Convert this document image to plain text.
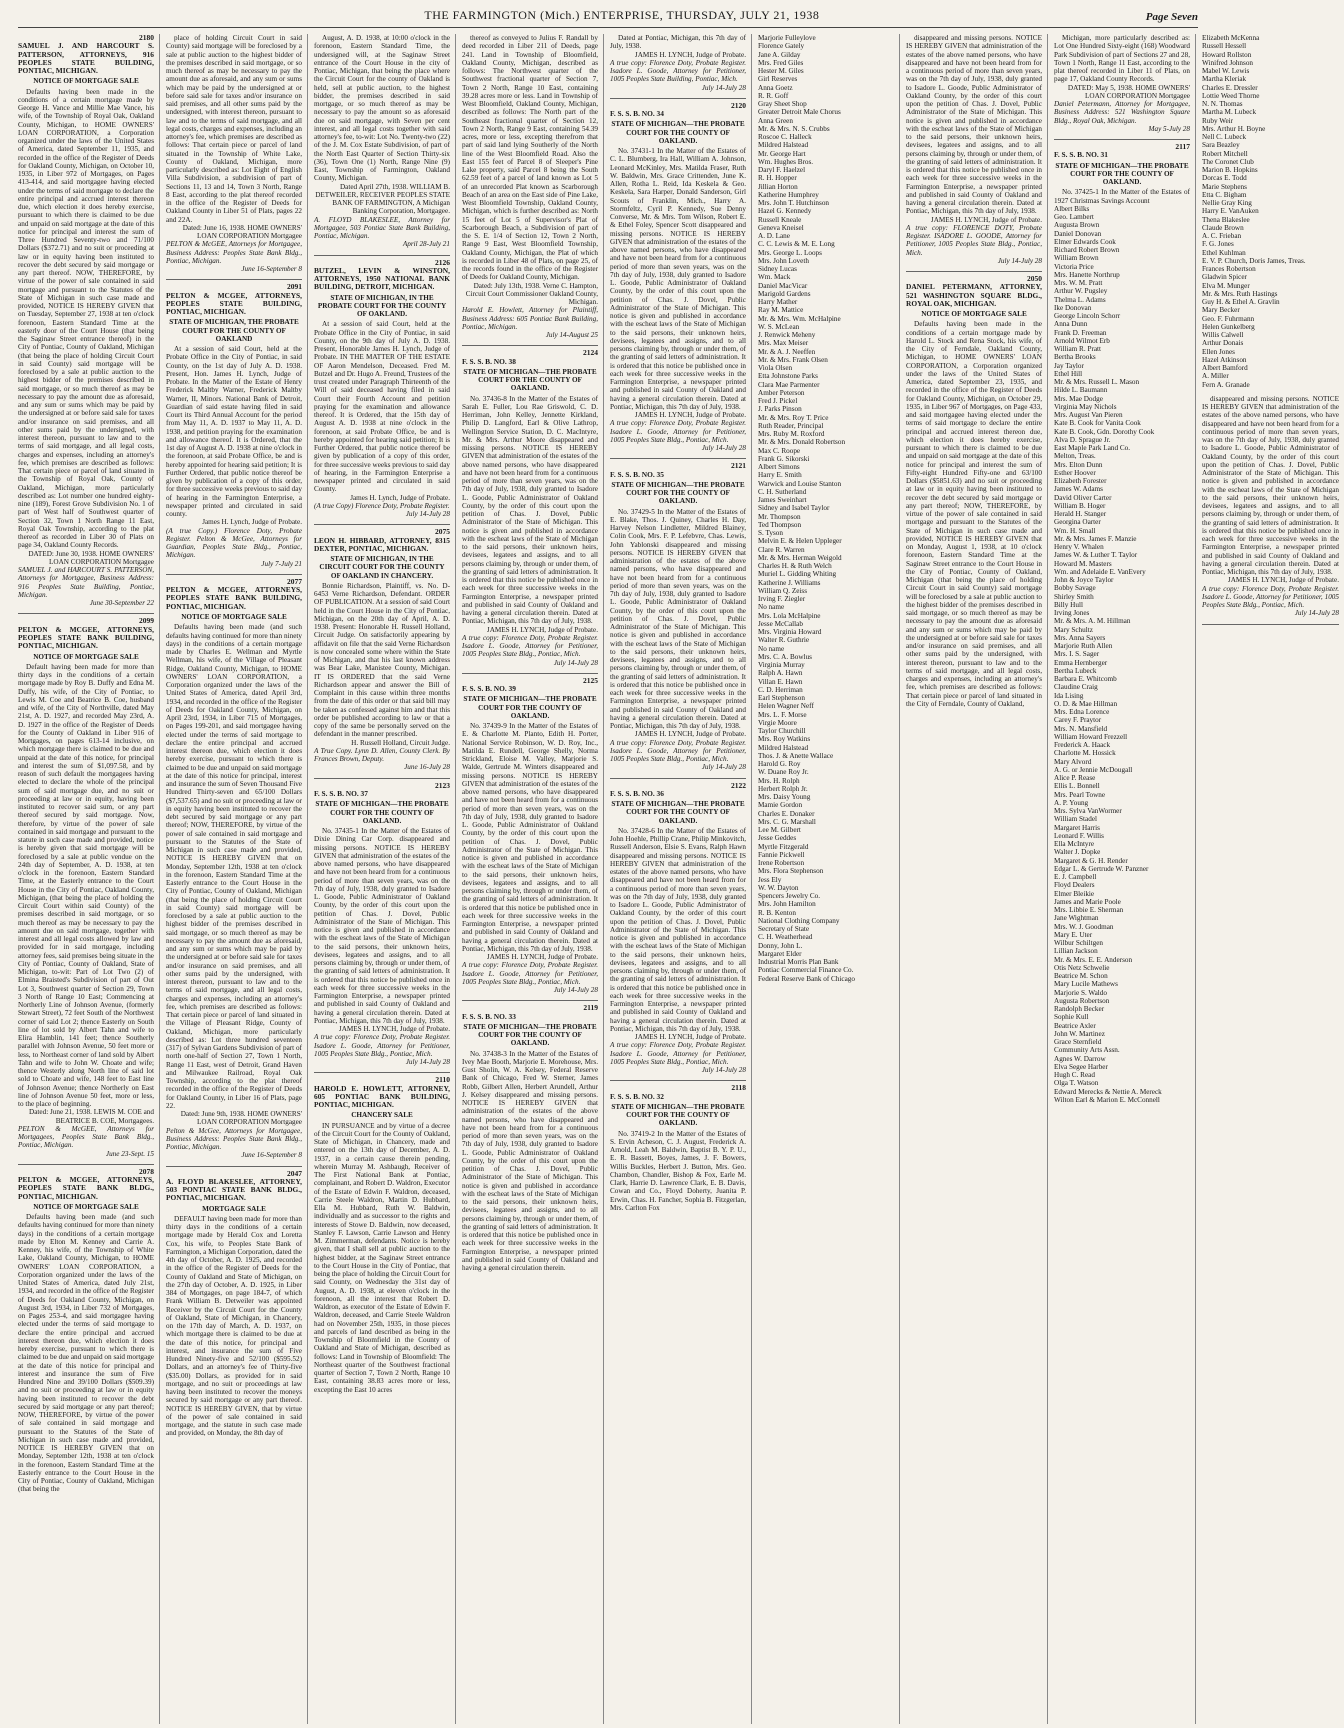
THE FARMINGTON (Mich.) ENTERPRISE, THURSDAY, JULY 21, 1938	Page Seven
2180
SAMUEL J. AND HARCOURT S. PATTERSON, ATTORNEYS, 916 PEOPLES STATE BUILDING, PONTIAC, MICHIGAN.
NOTICE OF MORTGAGE SALE
Defaults having been made in the conditions of a certain mortgage made by George H. Vance and Millie Mae Vance, his wife, of the Township of Royal Oak, Oakland County, Michigan, to HOME OWNERS' LOAN CORPORATION, a Corporation organized under the laws of the United States of America, dated September 11, 1935, and recorded in the office of the Register of Deeds for Oakland County, Michigan, on October 10, 1935, in Liber 972 of Mortgages, on Pages 413-414, and said mortgagee having elected under the terms of said mortgage to declare the entire principal and accrued interest thereon due, which election it does hereby exercise, pursuant to which there is claimed to be due and unpaid on said mortgage at the date of this notice for principal and interest the sum of Three Hundred Seventy-two and 71/100 Dollars ($372.71) and no suit or proceeding at law or in equity having been instituted to recover the debt secured by said mortgage or any part thereof. NOW, THEREFORE, by virtue of the power of sale contained in said mortgage and pursuant to the Statutes of the State of Michigan in such case made and provided, NOTICE IS HEREBY GIVEN that on Tuesday, September 27, 1938 at ten o'clock forenoon, Eastern Standard Time at the easterly door of the Court House (that being the Saginaw Street entrance thereof) in the City of Pontiac, County of Oakland, Michigan (that being the place of holding Circuit Court in said County) said mortgage will be foreclosed by a sale at public auction to the highest bidder of the premises described in said mortgage, or so much thereof as may be necessary to pay the amount due as aforesaid, and any sum or sums which may be paid by the undersigned at or before said sale for taxes and/or insurance on said premises, and all other sums paid by the undersigned, with interest thereon, pursuant to law and to the terms of said mortgage, and all legal costs, charges and expenses, including an attorney's fee, which premises are described as follows: That certain piece or parcel of land situated in the Township of Royal Oak, County of Oakland, Michigan, more particularly described as: Lot number one hundred eighty-nine (189), Forest Grove Subdivision No. 1 of part of West half of Southwest quarter of Section 32, Town 1 North Range 11 East, Royal Oak Township, according to the plat thereof as recorded in Liber 30 of Plats on page 34, Oakland County Records.
DATED: June 30, 1938. HOME OWNERS' LOAN CORPORATION Mortgagee
SAMUEL J. and HARCOURT S. PATTERSON, Attorneys for Mortgagee, Business Address: 916 Peoples State Building, Pontiac, Michigan.
June 30-September 22
2099
PELTON & MCGEE, ATTORNEYS, PEOPLES STATE BANK BUILDING, PONTIAC, MICHIGAN.
NOTICE OF MORTGAGE SALE
Default having been made for more than thirty days in the conditions of a certain mortgage made by Roy B. Duffy and Edna M. Duffy, his wife, of the City of Pontiac, to Lewis M. Coe and Beatrice B. Coe, husband and wife, of the City of Northville, dated May 21st, A. D. 1927, and recorded May 23rd, A. D. 1927 in the office of the Register of Deeds for the County of Oakland in Liber 916 of Mortgages, on pages 613-14 inclusive, on which mortgage there is claimed to be due and unpaid at the date of this notice, for principal and interest the sum of $1,097.58, and by reason of such default the mortgagees having elected to declare the whole of the principal sum of said mortgage due, and no suit or proceeding at law or in equity, having been instituted to recover said sum, or any part thereof secured by said mortgage. Now, therefore, by virtue of the power of sale contained in said mortgage and pursuant to the statute in such case made and provided, notice is hereby given that said mortgage will be foreclosed by a sale at public vendue on the 24th day of September, A. D. 1938, at ten o'clock in the forenoon, Eastern Standard Time, at the Easterly entrance to the Court House in the City of Pontiac, Oakland County, Michigan, (that being the place of holding the Circuit Court within said County) of the premises described in said mortgage, or so much thereof as may be necessary to pay the amount due on said mortgage, together with interest and all legal costs allowed by law and provided for in said mortgage, including attorney fees, said premises being situate in the City of Pontiac, County of Oakland, State of Michigan, to-wit: Part of Lot Two (2) of Elmina Braisted's Subdivision of part of Out Lot 3, Southwest quarter of Section 29, Town 3 North of Range 10 East; Commencing at Northerly Line of Johnson Avenue, (formerly Stewart Street), 72 feet South of the Northwest corner of said Lot 2; thence Easterly on South line of lot sold by Albert Tahn and wife to Elira Hamblin, 141 feet; thence Southerly parallel with Johnson Avenue, 50 feet more or less, to Northeast corner of land sold by Albert Tahn and wife to John W. Choate and wife; thence Westerly along North line of said lot sold to Choate and wife, 148 feet to East line of Johnson Avenue; thence Northerly on East line of Johnson Avenue 50 feet, more or less, to the place of beginning.
Dated: June 21, 1938. LEWIS M. COE and BEATRICE B. COE, Mortgagees.
PELTON & McGEE, Attorneys for Mortgagees, Peoples State Bank Bldg., Pontiac, Michigan.
June 23-Sept. 15
2078
PELTON & MCGEE, ATTORNEYS, PEOPLES STATE BANK BLDG., PONTIAC, MICHIGAN.
NOTICE OF MORTGAGE SALE
Defaults having been made (and such defaults having continued for more than ninety days) in the conditions of a certain mortgage made by Elton M. Kenney and Carrie A. Kenney, his wife, of the Township of White Lake, Oakland County, Michigan, to HOME OWNERS' LOAN CORPORATION, a Corporation organized under the laws of the United States of America, dated July 21st, 1934, and recorded in the office of the Register of Deeds for Oakland County, Michigan, on August 3rd, 1934, in Liber 732 of Mortgages, on Pages 253-4, and said mortgagee having elected under the terms of said mortgage to declare the entire principal and accrued interest thereon due, which election it does hereby exercise, pursuant to which there is claimed to be due and unpaid on said mortgage at the date of this notice for principal and interest and insurance the sum of Five Hundred Nine and 39/100 Dollars ($509.39) and no suit or proceeding at law or in equity having been instituted to recover the debt secured by said mortgage or any part thereof; NOW, THEREFORE, by virtue of the power of sale contained in said mortgage and pursuant to the Statutes of the State of Michigan in such case made and provided, NOTICE IS HEREBY GIVEN that on Monday, September 12th, 1938 at ten o'clock in the forenoon, Eastern Standard Time at the Easterly entrance to the Court House in the City of Pontiac, County of Oakland, Michigan (that being the
place of holding Circuit Court in said County) said mortgage will be foreclosed by a sale at public auction to the highest bidder of the premises described in said mortgage, or so much thereof as may be necessary to pay the amount due as aforesaid, and any sum or sums which may be paid by the undersigned at or before said sale for taxes and/or insurance on said premises, and all other sums paid by the undersigned, with interest thereon, pursuant to law and to the terms of said mortgage, and all legal costs, charges and expenses, including an attorney's fee, which premises are described as follows: That certain piece or parcel of land situated in the Township of White Lake, County of Oakland, Michigan, more particularly described as: Lot Eight of English Villa Subdivision, a subdivision of part of Sections 11, 13 and 14, Town 3 North, Range 8 East, according to the plat thereof recorded in the office of the Register of Deeds for Oakland County in Liber 51 of Plats, pages 22 and 22A.
Dated: June 16, 1938. HOME OWNERS' LOAN CORPORATION Mortgagee
PELTON & McGEE, Attorneys for Mortgagee, Business Address: Peoples State Bank Bldg., Pontiac, Michigan.
June 16-September 8
2091
PELTON & MCGEE, ATTORNEYS, PEOPLES STATE BUILDING, PONTIAC, MICHIGAN.
STATE OF MICHIGAN, THE PROBATE COURT FOR THE COUNTY OF OAKLAND
At a session of said Court, held at the Probate Office in the City of Pontiac, in said County, on the 1st day of July A. D. 1938. Present, Hon. James H. Lynch, Judge of Probate. In the Matter of the Estate of Henry Frederick Maltby Warner, Frederick Maltby Warner, II, Minors. National Bank of Detroit, Guardian of said estate having filed in said Court its Third Annual Account for the period from May 11, A. D. 1937 to May 11, A. D. 1938, and petition praying for the examination and allowance thereof. It is Ordered, that the 1st day of August A. D. 1938 at nine o'clock in the forenoon, at said Probate Office, be and is hereby appointed for hearing said petition; It is Further Ordered, that public notice thereof be given by publication of a copy of this order, for three successive weeks previous to said day of hearing in the Farmington Enterprise, a newspaper printed and circulated in said county.
James H. Lynch, Judge of Probate.
(A true Copy.) Florence Doty, Probate Register. Pelton & McGee, Attorneys for Guardian, Peoples State Bldg., Pontiac, Michigan.
July 7-July 21
2077
PELTON & MCGEE, ATTORNEYS, PEOPLES STATE BANK BUILDING, PONTIAC, MICHIGAN.
NOTICE OF MORTGAGE SALE
Defaults having been made (and such defaults having continued for more than ninety days) in the conditions of a certain mortgage made by Charles E. Wellman and Myrtle Wellman, his wife, of the Village of Pleasant Ridge, Oakland County, Michigan, to HOME OWNERS' LOAN CORPORATION, a Corporation organized under the laws of the United States of America, dated April 3rd, 1934, and recorded in the office of the Register of Deeds for Oakland County, Michigan, on April 23rd, 1934, in Liber 715 of Mortgages, on Pages 199-201, and said mortgagee having elected under the terms of said mortgage to declare the entire principal and accrued interest thereon due, which election it does hereby exercise, pursuant to which there is claimed to be due and unpaid on said mortgage at the date of this notice for principal, interest and insurance the sum of Seven Thousand Five Hundred Thirty-seven and 65/100 Dollars ($7,537.65) and no suit or proceeding at law or in equity having been instituted to recover the debt secured by said mortgage or any part thereof; NOW, THEREFORE, by virtue of the power of sale contained in said mortgage and pursuant to the Statutes of the State of Michigan in such case made and provided, NOTICE IS HEREBY GIVEN that on Monday, September 12th, 1938 at ten o'clock in the forenoon, Eastern Standard Time at the Easterly entrance to the Court House in the City of Pontiac, County of Oakland, Michigan (that being the place of holding Circuit Court in said County) said mortgage will be foreclosed by a sale at public auction to the highest bidder of the premises described in said mortgage, or so much thereof as may be necessary to pay the amount due as aforesaid, and any sum or sums which may be paid by the undersigned at or before said sale for taxes and/or insurance on said premises, and all other sums paid by the undersigned, with interest thereon, pursuant to law and to the terms of said mortgage, and all legal costs, charges and expenses, including an attorney's fee, which premises are described as follows: That certain piece or parcel of land situated in the Village of Pleasant Ridge, County of Oakland, Michigan, more particularly described as: Lot three hundred seventeen (317) of Sylvan Gardens Subdivision of part of north one-half of Section 27, Town 1 North, Range 11 East, west of Detroit, Grand Haven and Milwaukee Railroad, Royal Oak Township, according to the plat thereof recorded in the office of the Register of Deeds for Oakland County, in Liber 16 of Plats, page 22.
Dated: June 9th, 1938. HOME OWNERS' LOAN CORPORATION Mortgagee
Pelton & McGee, Attorneys for Mortgagee, Business Address: Peoples State Bank Bldg., Pontiac, Michigan.
June 16-September 8
2047
A. FLOYD BLAKESLEE, ATTORNEY, 503 PONTIAC STATE BANK BLDG., PONTIAC, MICHIGAN.
MORTGAGE SALE
DEFAULT having been made for more than thirty days in the conditions of a certain mortgage made by Herald Cox and Loretta Cox, his wife, to Peoples State Bank of Farmington, a Michigan Corporation, dated the 4th day of October, A. D. 1925, and recorded in the office of the Register of Deeds for the County of Oakland and State of Michigan, on the 27th day of October, A. D. 1925, in Liber 384 of Mortgages, on page 184-7, of which Frank William B. Detweiler was appointed Receiver by the Circuit Court for the County of Oakland, State of Michigan, in Chancery, on the 17th day of March, A. D. 1937, on which mortgage there is claimed to be due at the date of this notice, for principal and interest, and insurance the sum of Five Hundred Ninety-five and 52/100 ($595.52) Dollars, and an attorney's fee of Thirty-five ($35.00) Dollars, as provided for in said mortgage, and no suit or proceedings at law having been instituted to recover the moneys secured by said mortgage or any part thereof. NOTICE IS HEREBY GIVEN, that by virtue of the power of sale contained in said mortgage, and the statute in such case made and provided, on Monday, the 8th day of
August, A. D. 1938, at 10:00 o'clock in the forenoon, Eastern Standard Time, the undersigned will, at the Saginaw Street entrance of the Court House in the city of Pontiac, Michigan, that being the place where the Circuit Court for the county of Oakland is held, sell at public auction, to the highest bidder, the premises described in said mortgage, or so much thereof as may be necessary to pay the amount so as aforesaid due on said mortgage, with Seven per cent interest, and all legal costs together with said attorney's fee, to-wit: Lot No. Twenty-two (22) of the J. M. Cox Estate Subdivision, of part of the North East Quarter of Section Thirty-six (36), Town One (1) North, Range Nine (9) East, Township of Farmington, Oakland County, Michigan.
Dated April 27th, 1938. WILLIAM B. DETWEILER, RECEIVER PEOPLES STATE BANK OF FARMINGTON, A Michigan Banking Corporation, Mortgagee.
A. FLOYD BLAKESLEE, Attorney for Mortgagee, 503 Pontiac State Bank Building, Pontiac, Michigan.
April 28-July 21
2126
BUTZEL, LEVIN & WINSTON, ATTORNEYS, 1950 NATIONAL BANK BUILDING, DETROIT, MICHIGAN.
STATE OF MICHIGAN, IN THE PROBATE COURT FOR THE COUNTY OF OAKLAND.
At a session of said Court, held at the Probate Office in the City of Pontiac, in said County, on the 9th day of July A. D. 1938. Present, Honorable James H. Lynch, Judge of Probate. IN THE MATTER OF THE ESTATE OF Aaron Mendelson, Deceased. Fred M. Butzel and Dr. Hugo A. Freund, Trustees of the trust created under Paragraph Thirteenth of the Will of said deceased having filed in said Court their Fourth Account and petition praying for the examination and allowance thereof. It is Ordered, that the 15th day of August A. D. 1938 at nine o'clock in the forenoon, at said Probate Office, be and is hereby appointed for hearing said petition; It is Further Ordered, that public notice thereof be given by publication of a copy of this order, for three successive weeks previous to said day of hearing, in the Farmington Enterprise a newspaper printed and circulated in said County.
James H. Lynch, Judge of Probate.
(A true Copy) Florence Doty, Probate Register.
July 14-July 28
2075
LEON H. HIBBARD, ATTORNEY, 8315 DEXTER, PONTIAC, MICHIGAN.
STATE OF MICHIGAN, IN THE CIRCUIT COURT FOR THE COUNTY OF OAKLAND IN CHANCERY.
Bonnie Richardson, Plaintiff, vs. No. D-6453 Verne Richardson, Defendant. ORDER OF PUBLICATION. At a session of said Court held in the Court House in the City of Pontiac, Michigan, on the 20th day of April, A. D. 1938. Present: Honorable H. Russell Holland, Circuit Judge. On satisfactorily appearing by affidavit on file that the said Verne Richardson is now concealed some where within the State of Michigan, and that his last known address was Bear Lake, Manistee County, Michigan. IT IS ORDERED that the said Verne Richardson appear and answer the Bill of Complaint in this cause within three months from the date of this order or that said bill may be taken as confessed against him and that this order be published according to law or that a copy of the same be personally served on the defendant in the manner prescribed.
H. Russell Holland, Circuit Judge.
A True Copy. Lynn D. Allen, County Clerk. By Frances Brown, Deputy.
June 16-July 28
2123
F. S. S. B. NO. 37
STATE OF MICHIGAN—THE PROBATE COURT FOR THE COUNTY OF OAKLAND.
No. 37435-1 In the Matter of the Estates of Dixie Dining Car Corp. disappeared and missing persons. NOTICE IS HEREBY GIVEN that administration of the estates of the above named persons, who have disappeared and have not been heard from for a continuous period of more than seven years, was on the 7th day of July, 1938, duly granted to Isadore L. Goode, Public Administrator of Oakland County, by the order of this court upon the petition of Chas. J. Dovel, Public Administrator of the State of Michigan. This notice is given and published in accordance with the escheat laws of the State of Michigan to the said persons, their unknown heirs, devisees, legatees and assigns, and to all persons claiming by, through or under them, of the granting of said letters of administration. It is ordered that this notice be published once in each week for three successive weeks in the Farmington Enterprise, a newspaper printed and published in said County of Oakland and having a general circulation therein. Dated at Pontiac, Michigan, this 7th day of July, 1938.
JAMES H. LYNCH, Judge of Probate.
A true copy: Florence Doty, Probate Register. Isadore L. Goode, Attorney for Petitioner, 1005 Peoples State Bldg., Pontiac, Mich.
July 14-July 28
2110
HAROLD E. HOWLETT, ATTORNEY, 605 PONTIAC BANK BUILDING, PONTIAC, MICHIGAN.
CHANCERY SALE
IN PURSUANCE and by virtue of a decree of the Circuit Court for the County of Oakland, State of Michigan, in Chancery, made and entered on the 13th day of December, A. D. 1937, in a certain cause therein pending, wherein Murray M. Ashbaugh, Receiver of The First National Bank at Pontiac, complainant, and Robert D. Waldron, Executor of the Estate of Edwin F. Waldron, deceased, Carrie Steele Waldron, Martin D. Hubbard, Ella M. Hubbard, Ruth W. Baldwin, individually and as successor to the rights and interests of Stowe D. Baldwin, now deceased, Stanley F. Lawson, Carrie Lawson and Henry M. Zimmerman, defendants. Notice is hereby given, that I shall sell at public auction to the highest bidder, at the Saginaw Street entrance to the Court House in the City of Pontiac, that being the place of holding the Circuit Court for said County, on Wednesday the 31st day of August, A. D. 1938, at eleven o'clock in the forenoon, all the interest that Robert D. Waldron, as executor of the Estate of Edwin F. Waldron, deceased, and Carrie Steele Waldron had on November 25th, 1935, in those pieces and parcels of land described as being in the Township of Bloomfield in the County of Oakland and State of Michigan, described as follows: Land in Township of Bloomfield: The Northeast quarter of the Southwest fractional quarter of Section 7, Town 2 North, Range 10 East, containing 38.83 acres more or less, excepting the East 10 acres
thereof as conveyed to Julius F. Randall by deed recorded in Liber 211 of Deeds, page 241. Land in Township of Bloomfield, Oakland County, Michigan, described as follows: The Northwest quarter of the Southwest fractional quarter of Section 7, Town 2 North, Range 10 East, containing 39.28 acres more or less. Land in Township of West Bloomfield, Oakland County, Michigan, described as follows: The North part of the Southeast fractional quarter of Section 12, Town 2 North, Range 9 East, containing 54.39 acres, more or less, excepting therefrom that part of said land lying Southerly of the North line of the West Bloomfield Road. Also the East 155 feet of Parcel 8 of Sleeper's Pine Lake property, said Parcel 8 being the South 62.59 feet of a parcel of land known as Lot 5 of an unrecorded Plat known as Scarborough Beach of an area on the East side of Pine Lake, West Bloomfield Township, Oakland County, Michigan, which is further described as: North 15 feet of Lot 5 of Supervisor's Plat of Scarborough Beach, a Subdivision of part of the S. E. 1/4 of Section 12, Town 2 North, Range 9 East, West Bloomfield Township, Oakland County, Michigan, the Plat of which is recorded in Liber 48 of Plats, on page 25, of the records found in the office of the Register of Deeds for Oakland County, Michigan.
Dated: July 13th, 1938. Verne C. Hampton, Circuit Court Commissioner Oakland County, Michigan.
Harold E. Howlett, Attorney for Plaintiff, Business Address: 605 Pontiac Bank Building, Pontiac, Michigan.
July 14-August 25
2124
F. S. S. B. NO. 38
STATE OF MICHIGAN—THE PROBATE COURT FOR THE COUNTY OF OAKLAND.
No. 37436-8 In the Matter of the Estates of Sarah E. Fuller, Lou Rae Griswold, C. D. Herriman, John Kelley, Jennette Kirkland, Philip D. Langford, Earl & Olive Lathrop, Wellington Service Station, D. C. MacIntyre, Mr. & Mrs. Arthur Moore disappeared and missing persons. NOTICE IS HEREBY GIVEN that administration of the estates of the above named persons, who have disappeared and have not been heard from for a continuous period of more than seven years, was on the 7th day of July, 1938, duly granted to Isadore L. Goode, Public Administrator of Oakland County, by the order of this court upon the petition of Chas. J. Dovel, Public Administrator of the State of Michigan. This notice is given and published in accordance with the escheat laws of the State of Michigan to the said persons, their unknown heirs, devisees, legatees and assigns, and to all persons claiming by, through or under them, of the granting of said letters of administration. It is ordered that this notice be published once in each week for three successive weeks in the Farmington Enterprise, a newspaper printed and published in said County of Oakland and having a general circulation therein. Dated at Pontiac, Michigan, this 7th day of July, 1938.
JAMES H. LYNCH, Judge of Probate.
A true copy: Florence Doty, Probate Register. Isadore L. Goode, Attorney for Petitioner, 1005 Peoples State Bldg., Pontiac, Mich.
July 14-July 28
2125
F. S. S. B. NO. 39
STATE OF MICHIGAN—THE PROBATE COURT FOR THE COUNTY OF OAKLAND.
No. 37439-9 In the Matter of the Estates of E. & Charlotte M. Planto, Edith H. Porter, National Service Robinson, W. D. Roy, Inc., Matilda E. Rundell, George Shelly, Norma Strickland, Eloise M. Valley, Marjorie S. Walde, Gertrude M. Winters disappeared and missing persons. NOTICE IS HEREBY GIVEN that administration of the estates of the above named persons, who have disappeared and have not been heard from for a continuous period of more than seven years, was on the 7th day of July, 1938, duly granted to Isadore L. Goode, Public Administrator of Oakland County, by the order of this court upon the petition of Chas. J. Dovel, Public Administrator of the State of Michigan. This notice is given and published in accordance with the escheat laws of the State of Michigan to the said persons, their unknown heirs, devisees, legatees and assigns, and to all persons claiming by, through or under them, of the granting of said letters of administration. It is ordered that this notice be published once in each week for three successive weeks in the Farmington Enterprise, a newspaper printed and published in said County of Oakland and having a general circulation therein. Dated at Pontiac, Michigan, this 7th day of July, 1938.
JAMES H. LYNCH, Judge of Probate.
A true copy: Florence Doty, Probate Register. Isadore L. Goode, Attorney for Petitioner, 1005 Peoples State Bldg., Pontiac, Mich.
July 14-July 28
2119
F. S. S. B. NO. 33
STATE OF MICHIGAN—THE PROBATE COURT FOR THE COUNTY OF OAKLAND.
No. 37438-3 In the Matter of the Estates of Ivey Mae Booth, Marjorie E. Morehouse, Mrs. Gust Sholin, W. A. Kelsey, Federal Reserve Bank of Chicago, Fred W. Sterner, James Robb, Gilbert Allen, Herbert Arundell, Arthur J. Kelsey disappeared and missing persons. NOTICE IS HEREBY GIVEN that administration of the estates of the above named persons, who have disappeared and have not been heard from for a continuous period of more than seven years, was on the 7th day of July, 1938, duly granted to Isadore L. Goode, Public Administrator of Oakland County, by the order of this court upon the petition of Chas. J. Dovel, Public Administrator of the State of Michigan. This notice is given and published in accordance with the escheat laws of the State of Michigan to the said persons, their unknown heirs, devisees, legatees and assigns, and to all persons claiming by, through or under them, of the granting of said letters of administration. It is ordered that this notice be published once in each week for three successive weeks in the Farmington Enterprise, a newspaper printed and published in said County of Oakland and having a general circulation therein.
Dated at Pontiac, Michigan, this 7th day of July, 1938.
JAMES H. LYNCH, Judge of Probate.
A true copy: Florence Doty, Probate Register. Isadore L. Goode, Attorney for Petitioner, 1005 Peoples State Building, Pontiac, Mich.
July 14-July 28
2120
F. S. S. B. NO. 34
STATE OF MICHIGAN—THE PROBATE COURT FOR THE COUNTY OF OAKLAND.
No. 37431-1 In the Matter of the Estates of C. L. Blumberg, Ira Hall, William A. Johnson, Leonard McKinley, Mrs. Matilda Fraser, Ruth W. Baldwin, Mrs. Grace Crittenden, June K. Allen, Rotha L. Reid, Ida Keskela & Geo. Keskela, Sara Harper, Donald Sanderson, Girl Scouts of Franklin, Mich., Harry A. Stormfeltz, Cyril P. Kennedy, Sue Denny Converse, Mr. & Mrs. Tom Wilson, Robert E. & Ethel Foley, Spencer Scott disappeared and missing persons. NOTICE IS HEREBY GIVEN that administration of the estates of the above named persons, who have disappeared and have not been heard from for a continuous period of more than seven years, was on the 7th day of July, 1938, duly granted to Isadore L. Goode, Public Administrator of Oakland County, by the order of this court upon the petition of Chas. J. Dovel, Public Administrator of the State of Michigan. This notice is given and published in accordance with the escheat laws of the State of Michigan to the said persons, their unknown heirs, devisees, legatees and assigns, and to all persons claiming by, through or under them, of the granting of said letters of administration. It is ordered that this notice be published once in each week for three successive weeks in the Farmington Enterprise, a newspaper printed and published in said County of Oakland and having a general circulation therein. Dated at Pontiac, Michigan, this 7th day of July, 1938.
JAMES H. LYNCH, Judge of Probate.
A true copy: Florence Doty, Probate Register. Isadore L. Goode, Attorney for Petitioner, 1005 Peoples State Bldg., Pontiac, Mich.
July 14-July 28
2121
F. S. S. B. NO. 35
STATE OF MICHIGAN—THE PROBATE COURT FOR THE COUNTY OF OAKLAND.
No. 37429-5 In the Matter of the Estates of E. Blake, Thos. J. Quiney, Charles H. Day, Harvey Nelson Lindletter, Mildred Blainey, Colin Cook, Mrs. F. P. Lefebvre, Chas. Lewis, John Yablonski disappeared and missing persons. NOTICE IS HEREBY GIVEN that administration of the estates of the above named persons, who have disappeared and have not been heard from for a continuous period of more than seven years, was on the 7th day of July, 1938, duly granted to Isadore L. Goode, Public Administrator of Oakland County, by the order of this court upon the petition of Chas. J. Dovel, Public Administrator of the State of Michigan. This notice is given and published in accordance with the escheat laws of the State of Michigan to the said persons, their unknown heirs, devisees, legatees and assigns, and to all persons claiming by, through or under them, of the granting of said letters of administration. It is ordered that this notice be published once in each week for three successive weeks in the Farmington Enterprise, a newspaper printed and published in said County of Oakland and having a general circulation therein. Dated at Pontiac, Michigan, this 7th day of July, 1938.
JAMES H. LYNCH, Judge of Probate.
A true copy: Florence Doty, Probate Register. Isadore L. Goode, Attorney for Petitioner, 1005 Peoples State Bldg., Pontiac, Mich.
July 14-July 28
2122
F. S. S. B. NO. 36
STATE OF MICHIGAN—THE PROBATE COURT FOR THE COUNTY OF OAKLAND.
No. 37428-6 In the Matter of the Estates of John Hoehle, Phillip Crane, Philip Minkovitch, Russell Anderson, Elsie S. Evans, Ralph Hawn disappeared and missing persons. NOTICE IS HEREBY GIVEN that administration of the estates of the above named persons, who have disappeared and have not been heard from for a continuous period of more than seven years, was on the 7th day of July, 1938, duly granted to Isadore L. Goode, Public Administrator of Oakland County, by the order of this court upon the petition of Chas. J. Dovel, Public Administrator of the State of Michigan. This notice is given and published in accordance with the escheat laws of the State of Michigan to the said persons, their unknown heirs, devisees, legatees and assigns, and to all persons claiming by, through or under them, of the granting of said letters of administration. It is ordered that this notice be published once in each week for three successive weeks in the Farmington Enterprise, a newspaper printed and published in said County of Oakland and having a general circulation therein. Dated at Pontiac, Michigan, this 7th day of July, 1938.
JAMES H. LYNCH, Judge of Probate.
A true copy: Florence Doty, Probate Register. Isadore L. Goode, Attorney for Petitioner, 1005 Peoples State Bldg., Pontiac, Mich.
July 14-July 28
2118
F. S. S. B. NO. 32
STATE OF MICHIGAN—THE PROBATE COURT FOR THE COUNTY OF OAKLAND.
No. 37419-2 In the Matter of the Estates of S. Ervin Acheson, C. J. August, Frederick A. Arnold, Leah M. Baldwin, Baptist B. Y. P. U., E. R. Bassett, Boyes, James, J. F. Bowers, Willis Buckles, Herbert J. Button, Mrs. Geo. Chambon, Chandler, Bishop & Fox, Earle M. Clark, Harrie D. Lawrence Clark, E. B. Davis, Cowan and Co., Floyd Doherty, Juanita P. Erwin, Chas. H. Fancher, Sophia B. Fitzgerlan, Mrs. Carlton Fox
Marjorie Fulleylove
Florence Gately
Jane A. Gilday
Mrs. Fred Giles
Hester M. Giles
Girl Reserves
Anna Goetz
R. R. Goff
Gray Sheet Shop
Greater Detroit Male Chorus
Anna Green
Mr. & Mrs. N. S. Crubbs
Roscoe C. Halleck
Mildred Halstead
Mr. George Hart
Wm. Hughes Bros.
Daryl F. Haelzel
R. H. Hopper
Jillian Horton
Katherine Humphrey
Mrs. John T. Hutchinson
Hazel G. Kennedy
Russell Kneale
Geneva Kneisel
A. D. Lane
C. C. Lewis & M. E. Long
Mrs. George L. Loops
Mrs. John Loveth
Sidney Lucas
Wm. Mack
Daniel MacVicar
Marigold Gardens
Harry Mather
Ray M. Mattice
Mr. & Mrs. Wm. McHalpine
W. S. McLean
J. Renwick Meheny
Mrs. Max Meiser
Mr. & A. J. Neeffen
Mr. & Mrs. Frank Olsen
Viola Olsen
Etta Johnstone Parks
Clara Mae Parmenter
Amber Peterson
Fred J. Pickel
J. Parks Pinson
Mr. & Mrs. Roy T. Price
Ruth Reader, Principal
Mrs. Ruby M. Roxford
Mr. & Mrs. Donald Robertson
Max C. Roope
Frank G. Sikorski
Albert Simons
Harry E. Smith
Warwick and Louise Stanton
C. H. Sutherland
James Sweinhart
Sidney and Isabel Taylor
Mr. Thompson
Ted Thompson
S. Tyson
Melvin E. & Helen Uppleger
Clare R. Warren
Mr. & Mrs. Herman Weigold
Charles H. & Ruth Welch
Muriel L. Gidding Whiting
Katherine J. Williams
William Q. Zeiss
Irving F. Ziegler
No name
Mrs. Lola McHalpine
Jesse McCallab
Mrs. Virginia Howard
Walter R. Guthrie
No name
Mrs. C. A. Bowlus
Virginia Murray
Ralph A. Hawn
Villan E. Hawn
C. D. Herriman
Earl Stephenson
Helen Wagner Neff
Mrs. L. F. Morse
Virgie Moore
Taylor Churchill
Mrs. Roy Watkins
Mildred Halstead
Thos. J. & Anette Wallace
Harold G. Roy
W. Duane Roy Jr.
Mrs. H. Rolph
Herbert Rolph Jr.
Mrs. Daisy Young
Mamie Gordon
Charles E. Donaker
Mrs. C. G. Marshall
Lee M. Gilbert
Jesse Geddes
Myrtle Fitzgerald
Fannie Pickwell
Irene Robertson
Mrs. Flora Stephenson
Jess Ely
W. W. Dayton
Spencers Jewelry Co.
Mrs. John Hamilton
R. B. Kenton
National Clothing Company
Secretary of State
C. H. Weatherhead
Donny, John L.
Margaret Elder
Industrial Morris Plan Bank
Pontiac Commercial Finance Co.
Federal Reserve Bank of Chicago
disappeared and missing persons. NOTICE IS HEREBY GIVEN that administration of the estates of the above named persons, who have disappeared and have not been heard from for a continuous period of more than seven years, was on the 7th day of July, 1938, duly granted to Isadore L. Goode, Public Administrator of Oakland County, by the order of this court upon the petition of Chas. J. Dovel, Public Administrator of the State of Michigan. This notice is given and published in accordance with the escheat laws of the State of Michigan to the said persons, their unknown heirs, devisees, legatees and assigns, and to all persons claiming by, through or under them, of the granting of said letters of administration. It is ordered that this notice be published once in each week for three successive weeks in the Farmington Enterprise, a newspaper printed and published in said County of Oakland and having a general circulation therein. Dated at Pontiac, Michigan, this 7th day of July, 1938.
JAMES H. LYNCH, Judge of Probate.
A true copy: FLORENCE DOTY, Probate Register. ISADORE L. GOODE, Attorney for Petitioner, 1005 Peoples State Bldg., Pontiac, Mich.
July 14-July 28
2050
DANIEL PETERMANN, ATTORNEY, 521 WASHINGTON SQUARE BLDG., ROYAL OAK, MICHIGAN.
NOTICE OF MORTGAGE SALE
Defaults having been made in the conditions of a certain mortgage made by Harold L. Stock and Rena Stock, his wife, of the City of Ferndale, Oakland County, Michigan, to HOME OWNERS' LOAN CORPORATION, a Corporation organized under the laws of the United States of America, dated September 23, 1935, and recorded in the office of the Register of Deeds for Oakland County, Michigan, on October 29, 1935, in Liber 967 of Mortgages, on Page 433, and said mortgagee having elected under the terms of said mortgage to declare the entire principal and accrued interest thereon due, which election it does hereby exercise, pursuant to which there is claimed to be due and unpaid on said mortgage at the date of this notice for principal and interest the sum of Fifty-eight Hundred Fifty-one and 63/100 Dollars ($5851.63) and no suit or proceeding at law or in equity having been instituted to recover the debt secured by said mortgage or any part thereof; NOW, THEREFORE, by virtue of the power of sale contained in said mortgage and pursuant to the Statutes of the State of Michigan in such case made and provided, NOTICE IS HEREBY GIVEN that on Monday, August 1, 1938, at 10 o'clock forenoon, Eastern Standard Time at the Saginaw Street entrance to the Court House in the City of Pontiac, County of Oakland, Michigan (that being the place of holding Circuit Court in said County) said mortgage will be foreclosed by a sale at public auction to the highest bidder of the premises described in said mortgage, or so much thereof as may be necessary to pay the amount due as aforesaid and any sum or sums which may be paid by the undersigned at or before said sale for taxes and/or insurance on said premises, and all other sums paid by the undersigned, with interest thereon, pursuant to law and to the terms of said mortgage, and all legal costs, charges and expenses, including an attorney's fee, which premises are described as follows: That certain piece or parcel of land situated in the City of Ferndale, County of Oakland,
Michigan, more particularly described as: Lot One Hundred Sixty-eight (168) Woodward Park Subdivision of part of Sections 27 and 28, Town 1 North, Range 11 East, according to the plat thereof recorded in Liber 11 of Plats, on page 17, Oakland County Records.
DATED: May 5, 1938. HOME OWNERS' LOAN CORPORATION Mortgagee
Daniel Petermann, Attorney for Mortgagee, Business Address: 521 Washington Square Bldg., Royal Oak, Michigan.
May 5-July 28
2117
F. S. S. B. NO. 31
STATE OF MICHIGAN—THE PROBATE COURT FOR THE COUNTY OF OAKLAND.
No. 37425-1 In the Matter of the Estates of 1927 Christmas Savings Account
Albert Bilks
Geo. Lambert
Augusta Brown
Daniel Donovan
Elmer Edwards Cook
Richard Robert Brown
William Brown
Victoria Price
Mrs. Hanette Northrup
Mrs. W. M. Pratt
Arthur W. Pugsley
Thelma L. Adams
Ike Donovan
George Lincoln Schorr
Anna Dunn
Frank D. Freeman
Arnold Wilmot Erb
William R. Pratt
Bertha Brooks
Jay Taylor
Ethel Hill
Mr. & Mrs. Russell L. Mason
Hilde L. Baumann
Mrs. Mae Dodge
Virginia May Nichols
Mrs. August Van Pieren
Kate B. Cook for Vanita Cook
Kate B. Cook, Gdn. Dorothy Cook
Alva D. Sprague Jr.
East Maple Park Land Co.
Melton, Treas.
Mrs. Elton Dunn
Esther Hoover
Elizabeth Forester
James W. Adams
David Oliver Carter
William B. Hoger
Herald H. Stanger
Georgina Oarter
Wm. H. Small
Mr. & Mrs. James F. Manzie
Henry V. Whalen
James W. & Luther T. Taylor
Howard M. Masters
Wm. and Adelaide E. VanEvery
John & Joyce Taylor
Bobby Savage
Shirley Smith
Billy Hull
Irving Jones
Mr. & Mrs. A. M. Hillman
Mary Schultz
Mrs. Anna Sayers
Marjorie Ruth Allen
Mrs. I. S. Sager
Emma Hernberger
Bertha Lubeck
Barbara E. Whitcomb
Claudine Craig
Ida Lising
O. D. & Mae Hillman
Mrs. Edna Lorence
Carey F. Praytor
Mrs. N. Mansfield
William Howard Frezzell
Frederick A. Haack
Charlotte M. Hossick
Mary Alvord
A. G. or Jennie McDougall
Alice P. Rease
Ellis L. Bonnell
Mrs. Pearl Towne
A. P. Young
Mrs. Sylva VanWormer
William Stadel
Margaret Harris
Leonard F. Willis
Ella McIntyre
Walter J. Dopke
Margaret & G. H. Render
Edgar L. & Gertrude W. Panzner
E. J. Campbell
Floyd Dealers
Elmer Bleikie
James and Marie Poole
Mrs. Libbie E. Sherman
Jane Wightman
Mrs. W. J. Goodman
Mary E. Uter
Wilbur Schiltgen
Lillian Jackson
Mr. & Mrs. E. E. Anderson
Otis Netz Schwelie
Beatrice M. Schon
Mary Lucile Mathews
Marjorie S. Waldo
Augusta Robertson
Randolph Becker
Sophie Kull
Beatrice Axler
John W. Martinez
Grace Sternfield
Community Arts Assn.
Agnes W. Darrow
Elva Segee Harber
Hugh C. Read
Olga T. Watson
Edward Merecks & Nettie A. Mereck
Wilton Earl & Marion E. McConnell
Elizabeth McKenna
Russell Hessell
Howard Rollston
Winifred Johnson
Mabel W. Lewis
Martha Kleriak
Charles E. Dressler
Lottie Weed Thorne
N. N. Thomas
Martha M. Lubeck
Ruby Weir
Mrs. Arthur H. Boyne
Nell C. Lubeck
Sara Beazley
Robert Mitchell
The Coronet Club
Marion B. Hopkins
Dorcas E. Todd
Marie Stephens
Etta C. Bigham
Nellie Gray King
Harry E. VanAuken
Thena Blakeslee
Claude Brown
A. C. Frieban
F. G. Jones
Ethel Kuhlman
E. V. P. Church, Doris James, Treas.
Frances Robertson
Gladwin Spicer
Elva M. Munger
Mr. & Mrs. Ruth Hastings
Guy H. & Ethel A. Gravlin
Mary Becker
Geo. F. Fuhrmann
Helen Gunkelberg
Willis Calwell
Arthur Donais
Ellen Jones
Hazel Atkinson
Albert Bamford
A. Miller
Fern A. Granade
disappeared and missing persons. NOTICE IS HEREBY GIVEN that administration of the estates of the above named persons, who have disappeared and have not been heard from for a continuous period of more than seven years, was on the 7th day of July, 1938, duly granted to Isadore L. Goode, Public Administrator of Oakland County, by the order of this court upon the petition of Chas. J. Dovel, Public Administrator of the State of Michigan. This notice is given and published in accordance with the escheat laws of the State of Michigan to the said persons, their unknown heirs, devisees, legatees and assigns, and to all persons claiming by, through or under them, of the granting of said letters of administration. It is ordered that this notice be published once in each week for three successive weeks in the Farmington Enterprise, a newspaper printed and published in said County of Oakland and having a general circulation therein. Dated at Pontiac, Michigan, this 7th day of July, 1938.
JAMES H. LYNCH, Judge of Probate.
A true copy: Florence Doty, Probate Register. Isadore L. Goode, Attorney for Petitioner, 1005 Peoples State Bldg., Pontiac, Mich.
July 14-July 28
